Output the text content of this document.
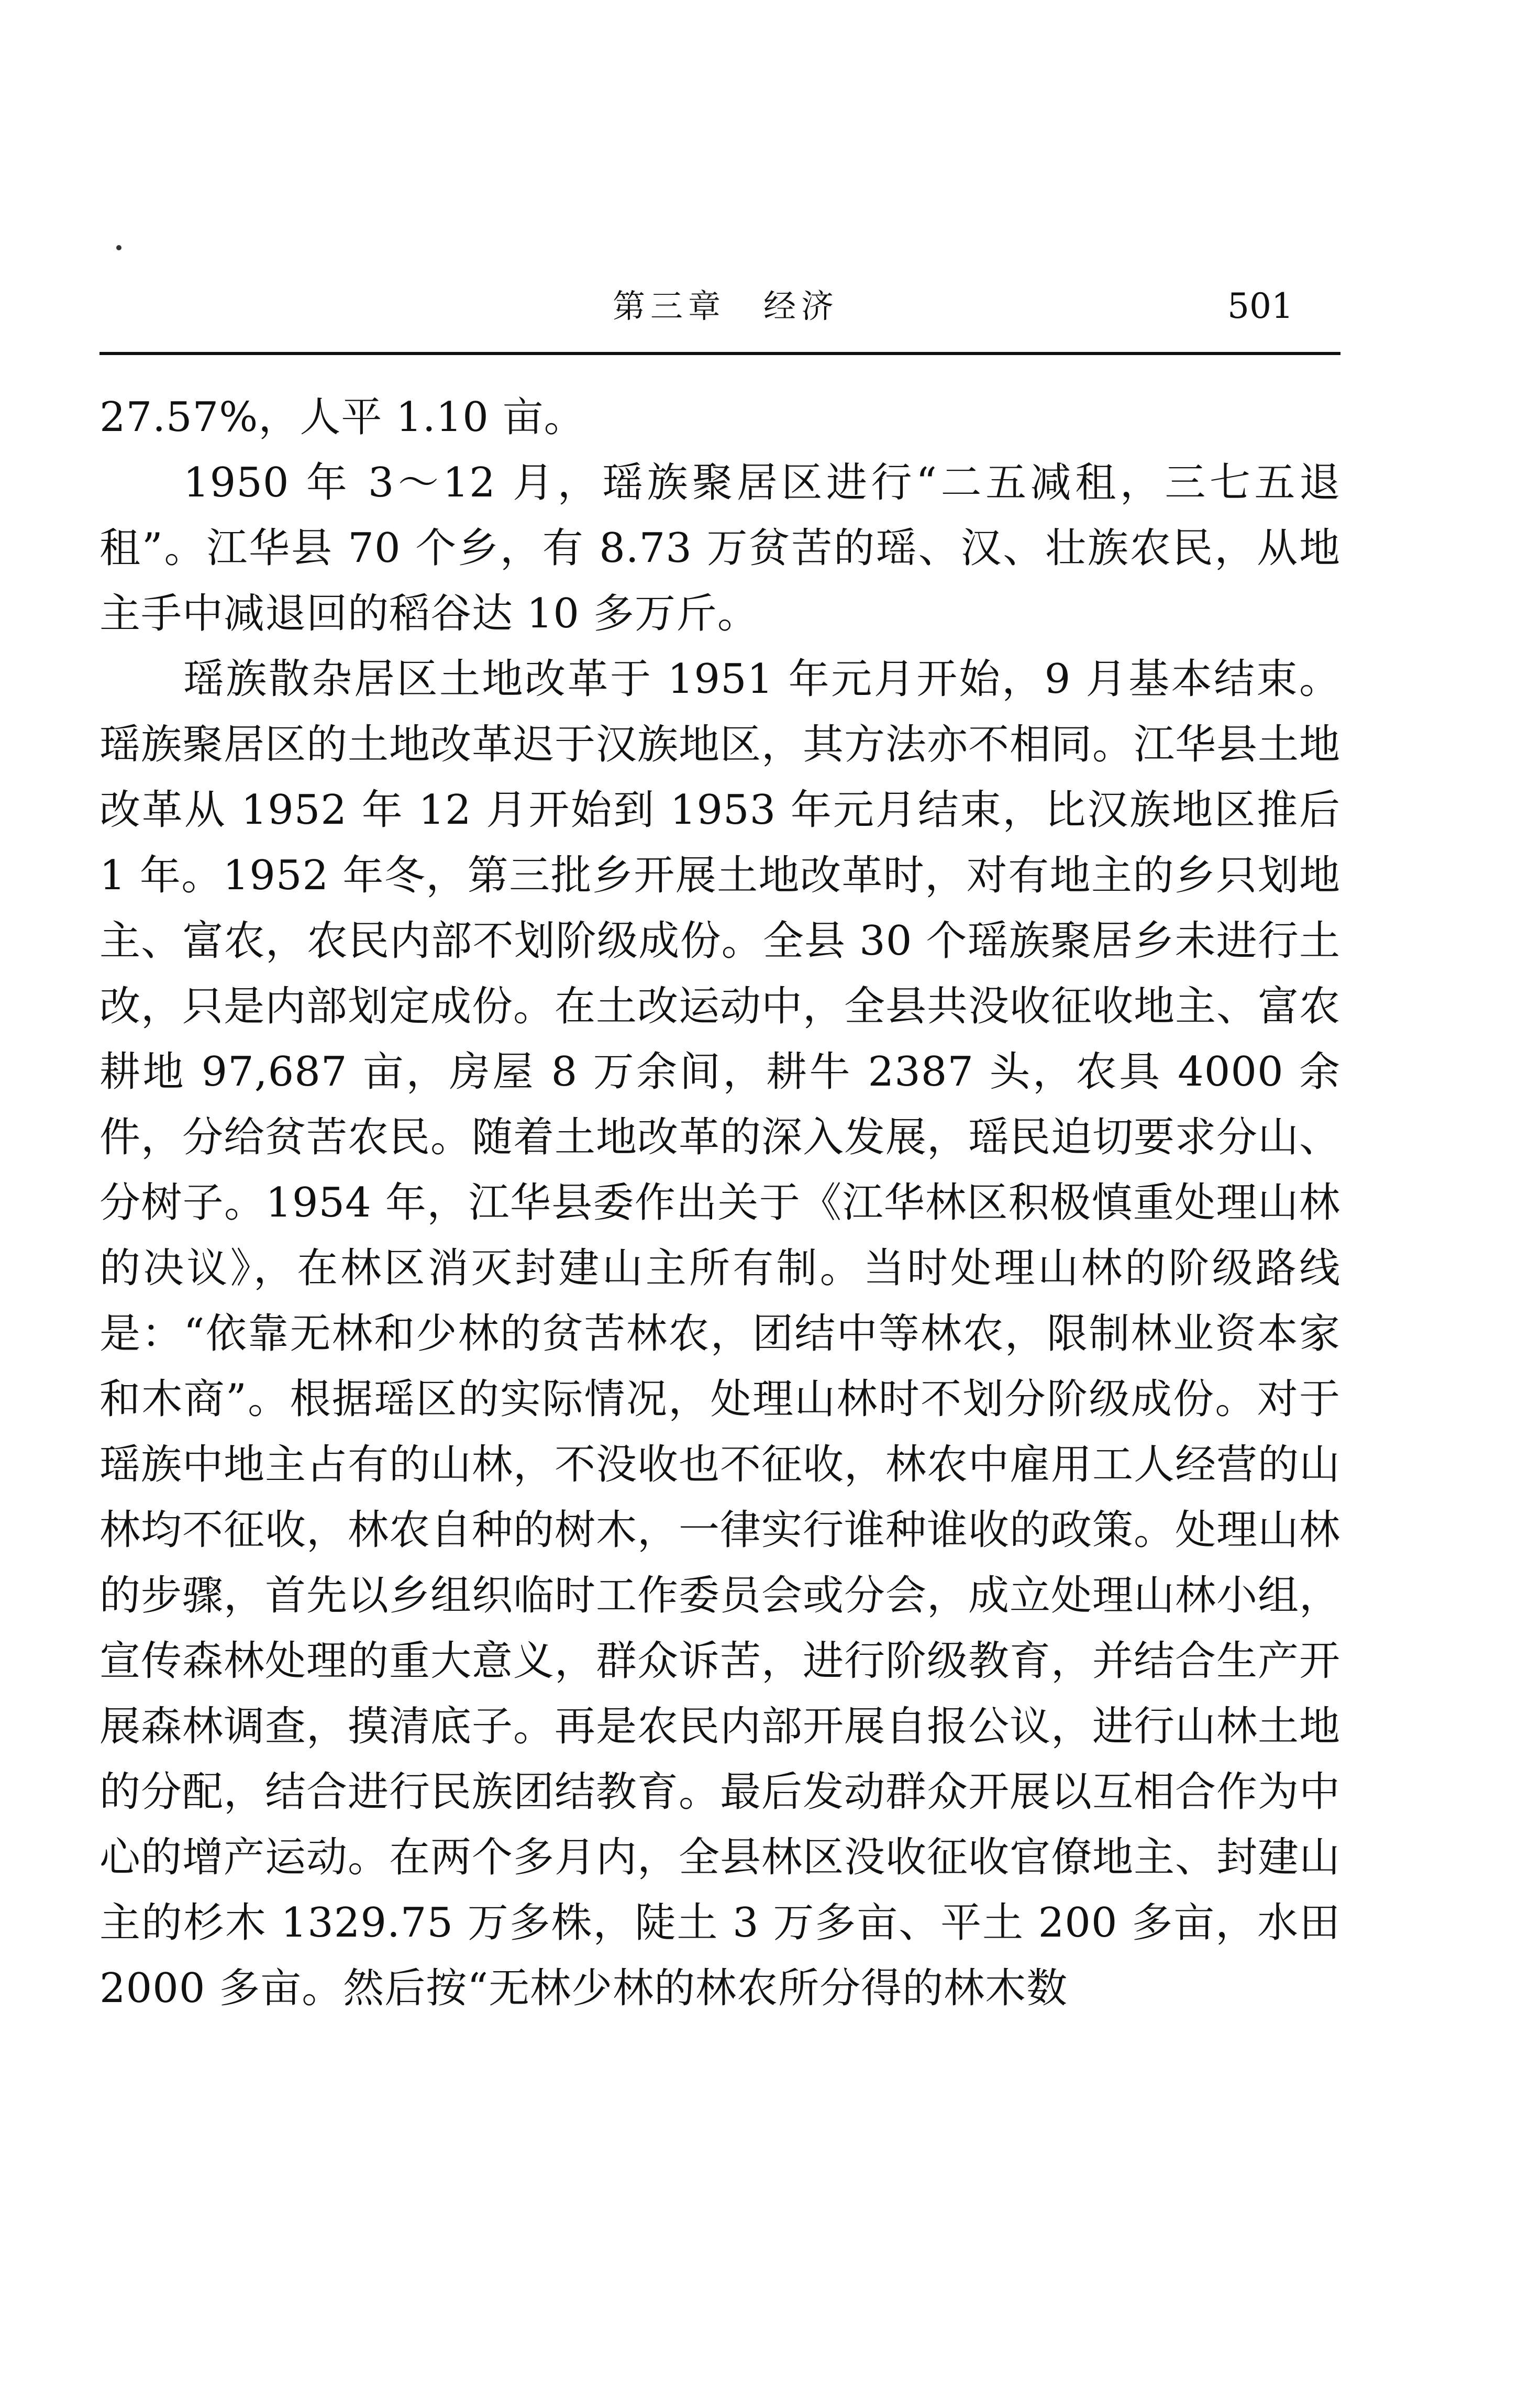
第三章　经济	501

27.57%，人平 1.10 亩。

1950 年 3～12 月，瑶族聚居区进行“二五减租，三七五退租”。江华县 70 个乡，有 8.73 万贫苦的瑶、汉、壮族农民，从地主手中减退回的稻谷达 10 多万斤。

瑶族散杂居区土地改革于 1951 年元月开始，9 月基本结束。瑶族聚居区的土地改革迟于汉族地区，其方法亦不相同。江华县土地改革从 1952 年 12 月开始到 1953 年元月结束，比汉族地区推后 1 年。1952 年冬，第三批乡开展土地改革时，对有地主的乡只划地主、富农，农民内部不划阶级成份。全县 30 个瑶族聚居乡未进行土改，只是内部划定成份。在土改运动中，全县共没收征收地主、富农耕地 97,687 亩，房屋 8 万余间，耕牛 2387 头，农具 4000 余件，分给贫苦农民。随着土地改革的深入发展，瑶民迫切要求分山、分树子。1954 年，江华县委作出关于《江华林区积极慎重处理山林的决议》，在林区消灭封建山主所有制。当时处理山林的阶级路线是：“依靠无林和少林的贫苦林农，团结中等林农，限制林业资本家和木商”。根据瑶区的实际情况，处理山林时不划分阶级成份。对于瑶族中地主占有的山林，不没收也不征收，林农中雇用工人经营的山林均不征收，林农自种的树木，一律实行谁种谁收的政策。处理山林的步骤，首先以乡组织临时工作委员会或分会，成立处理山林小组，宣传森林处理的重大意义，群众诉苦，进行阶级教育，并结合生产开展森林调查，摸清底子。再是农民内部开展自报公议，进行山林土地的分配，结合进行民族团结教育。最后发动群众开展以互相合作为中心的增产运动。在两个多月内，全县林区没收征收官僚地主、封建山主的杉木 1329.75 万多株，陡土 3 万多亩、平土 200 多亩，水田 2000 多亩。然后按“无林少林的林农所分得的林木数
